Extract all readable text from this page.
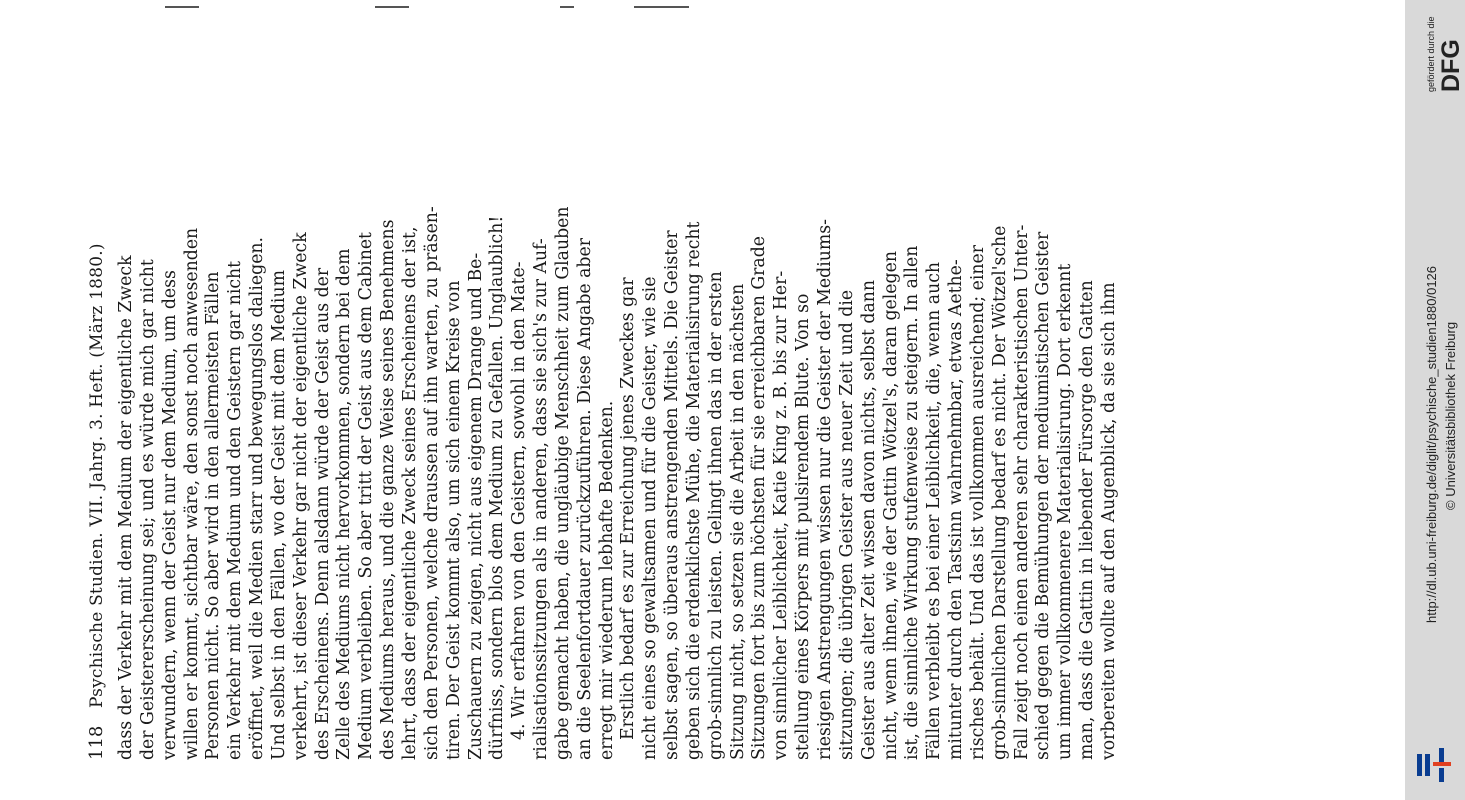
118
Psychische Studien. VII. Jahrg. 3. Heft. (März 1880.) dass der Verkehr mit dem Medium der eigentliche Zweck der Geistererscheinung sei; und es würde mich gar nicht verwundern, wenn der Geist nur dem Medium, um dess willen er kommt, sichtbar wäre, den sonst noch anwesenden Personen nicht. So aber wird in den allermeisten Fällen ein Verkehr mit dem Medium und den Geistern gar nicht eröffnet, weil die Medien starr und bewegungslos daliegen. Und selbst in den Fällen, wo der Geist mit dem Medium verkehrt, ist dieser Verkehr gar nicht der eigentliche Zweck des Erscheinens. Denn alsdann würde der Geist aus der Zelle des Mediums nicht hervorkommen, sondern bei dem Medium verbleiben. So aber tritt der Geist aus dem Cabinet des Mediums heraus, und die ganze Weise seines Benehmens lehrt, dass der eigentliche Zweck seines Erscheinens der ist, sich den Personen, welche draussen auf ihn warten, zu präsen- tiren. Der Geist kommt also, um sich einem Kreise von Zuschauern zu zeigen, nicht aus eigenem Drange und Be- dürfniss, sondern blos dem Medium zu Gefallen. Unglaublich! 4. Wir erfahren von den Geistern, sowohl in den Mate- rialisationssitzungen als in anderen, dass sie sich's zur Auf- gabe gemacht haben, die ungläubige Menschheit zum Glauben an die Seelenfortdauer zurückzuführen. Diese Angabe aber erregt mir wiederum lebhafte Bedenken. Erstlich bedarf es zur Erreichung jenes Zweckes gar nicht eines so gewaltsamen und für die Geister, wie sie selbst sagen, so überaus anstrengenden Mittels. Die Geister geben sich die erdenklichste Mühe, die Materialisirung recht grob-sinnlich zu leisten. Gelingt ihnen das in der ersten Sitzung nicht, so setzen sie die Arbeit in den nächsten Sitzungen fort bis zum höchsten für sie erreichbaren Grade von sinnlicher Leiblichkeit, Katie King z. B. bis zur Her- stellung eines Körpers mit pulsirendem Blute. Von so riesigen Anstrengungen wissen nur die Geister der Mediums- sitzungen; die übrigen Geister aus neuer Zeit und die Geister aus alter Zeit wissen davon nichts, selbst dann nicht, wenn ihnen, wie der Gattin Wötzel's, daran gelegen ist, die sinnliche Wirkung stufenweise zu steigern. In allen Fällen verbleibt es bei einer Leiblichkeit, die, wenn auch mitunter durch den Tastsinn wahrnehmbar, etwas Aethe- risches behält. Und das ist vollkommen ausreichend; einer grob-sinnlichen Darstellung bedarf es nicht. Der Wötzel'sche Fall zeigt noch einen anderen sehr charakteristischen Unter- schied gegen die Bemühungen der mediumistischen Geister um immer vollkommenere Materialisirung. Dort erkennt man, dass die Gattin in liebender Fürsorge den Gatten vorbereiten wollte auf den Augenblick, da sie sich ihm
DFG
gefördert durch die
http://dl.ub.uni-freiburg.de/diglit/psychische_studien1880/0126 © Universitätsbibliothek Freiburg
